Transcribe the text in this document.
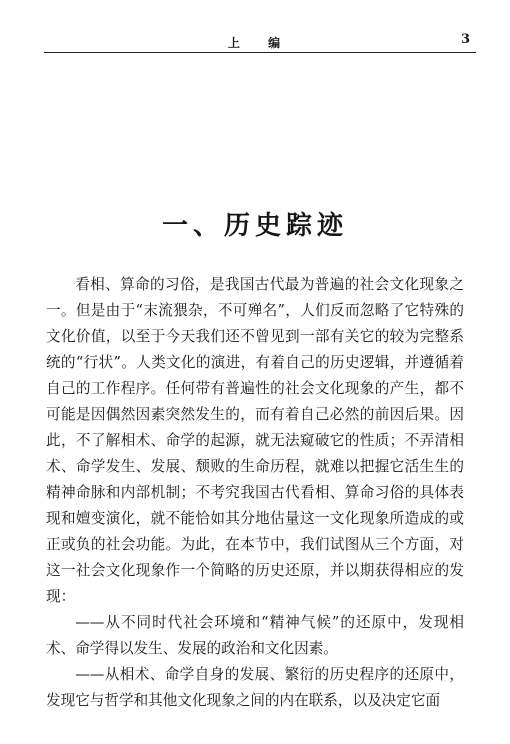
上 编	3
一、历史踪迹

看相、算命的习俗，是我国古代最为普遍的社会文化现象之一。但是由于“末流猥杂，不可殚名”，人们反而忽略了它特殊的文化价值，以至于今天我们还不曾见到一部有关它的较为完整系统的“行状”。人类文化的演进，有着自己的历史逻辑，并遵循着自己的工作程序。任何带有普遍性的社会文化现象的产生，都不可能是因偶然因素突然发生的，而有着自己必然的前因后果。因此，不了解相术、命学的起源，就无法窥破它的性质；不弄清相术、命学发生、发展、颓败的生命历程，就难以把握它活生生的精神命脉和内部机制；不考究我国古代看相、算命习俗的具体表现和嬗变演化，就不能恰如其分地估量这一文化现象所造成的或正或负的社会功能。为此，在本节中，我们试图从三个方面，对这一社会文化现象作一个简略的历史还原，并以期获得相应的发现：

——从不同时代社会环境和“精神气候”的还原中，发现相术、命学得以发生、发展的政治和文化因素。

——从相术、命学自身的发展、繁衍的历史程序的还原中，发现它与哲学和其他文化现象之间的内在联系，以及决定它面
